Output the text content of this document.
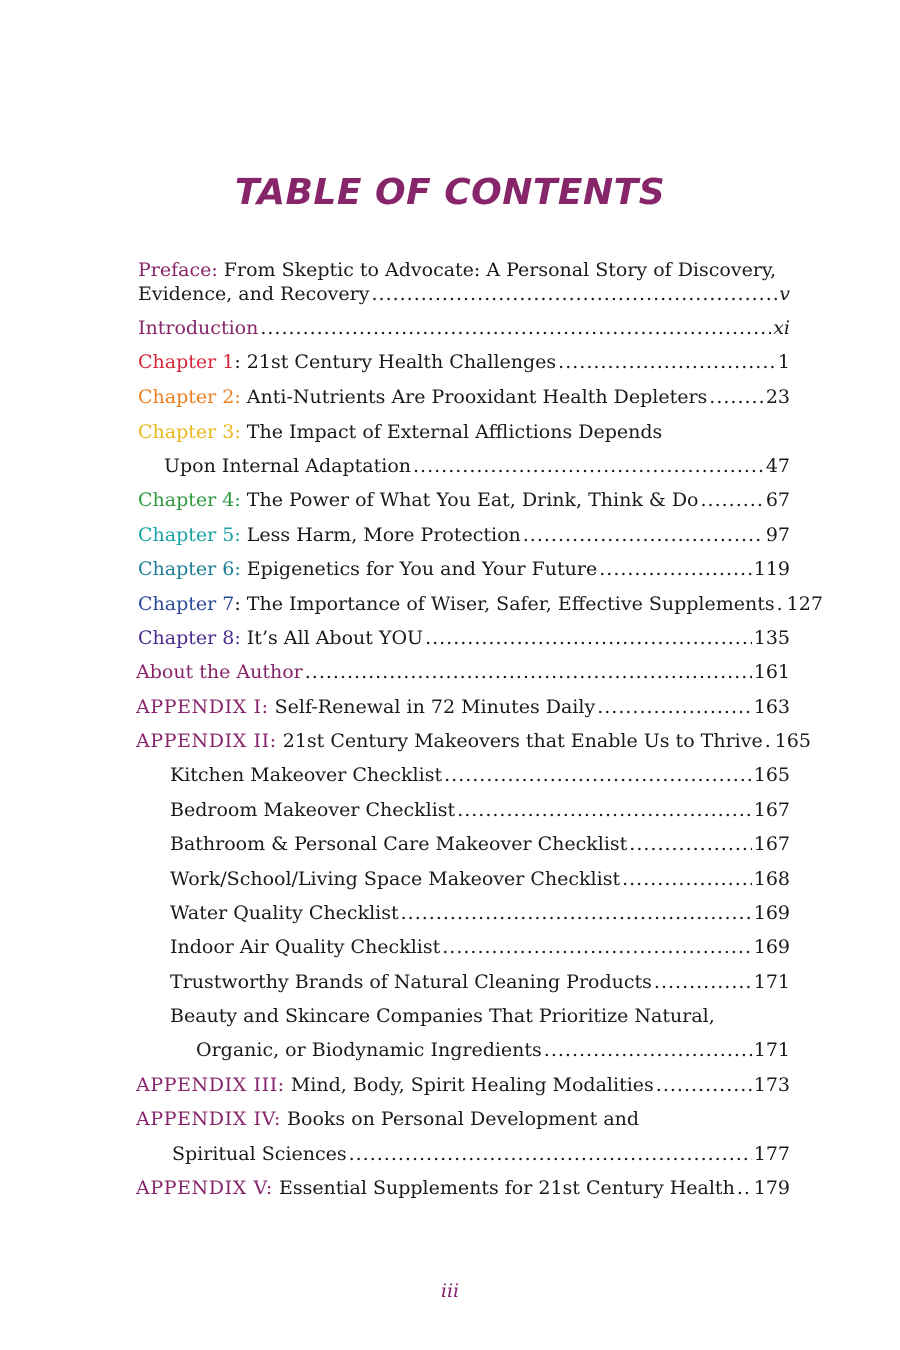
TABLE OF CONTENTS
Preface: From Skeptic to Advocate: A Personal Story of Discovery,
Evidence, and Recovery .....	v
Introduction .....	xi
Chapter 1: 21st Century Health Challenges .....	1
Chapter 2: Anti-Nutrients Are Prooxidant Health Depleters .....	23
Chapter 3: The Impact of External Afflictions Depends
Upon Internal Adaptation .....	47
Chapter 4: The Power of What You Eat, Drink, Think & Do .....	67
Chapter 5: Less Harm, More Protection .....	97
Chapter 6: Epigenetics for You and Your Future .....	119
Chapter 7: The Importance of Wiser, Safer, Effective Supplements ..... 127
Chapter 8: It’s All About YOU .....	135
About the Author .....	161
APPENDIX I: Self-Renewal in 72 Minutes Daily .....	163
APPENDIX II: 21st Century Makeovers that Enable Us to Thrive ..... 165
Kitchen Makeover Checklist .....	165
Bedroom Makeover Checklist .....	167
Bathroom & Personal Care Makeover Checklist .....	167
Work/School/Living Space Makeover Checklist .....	168
Water Quality Checklist .....	169
Indoor Air Quality Checklist .....	169
Trustworthy Brands of Natural Cleaning Products .....	171
Beauty and Skincare Companies That Prioritize Natural,
Organic, or Biodynamic Ingredients .....	171
APPENDIX III: Mind, Body, Spirit Healing Modalities .....	173
APPENDIX IV: Books on Personal Development and
Spiritual Sciences .....	177
APPENDIX V: Essential Supplements for 21st Century Health ..... 179
iii
